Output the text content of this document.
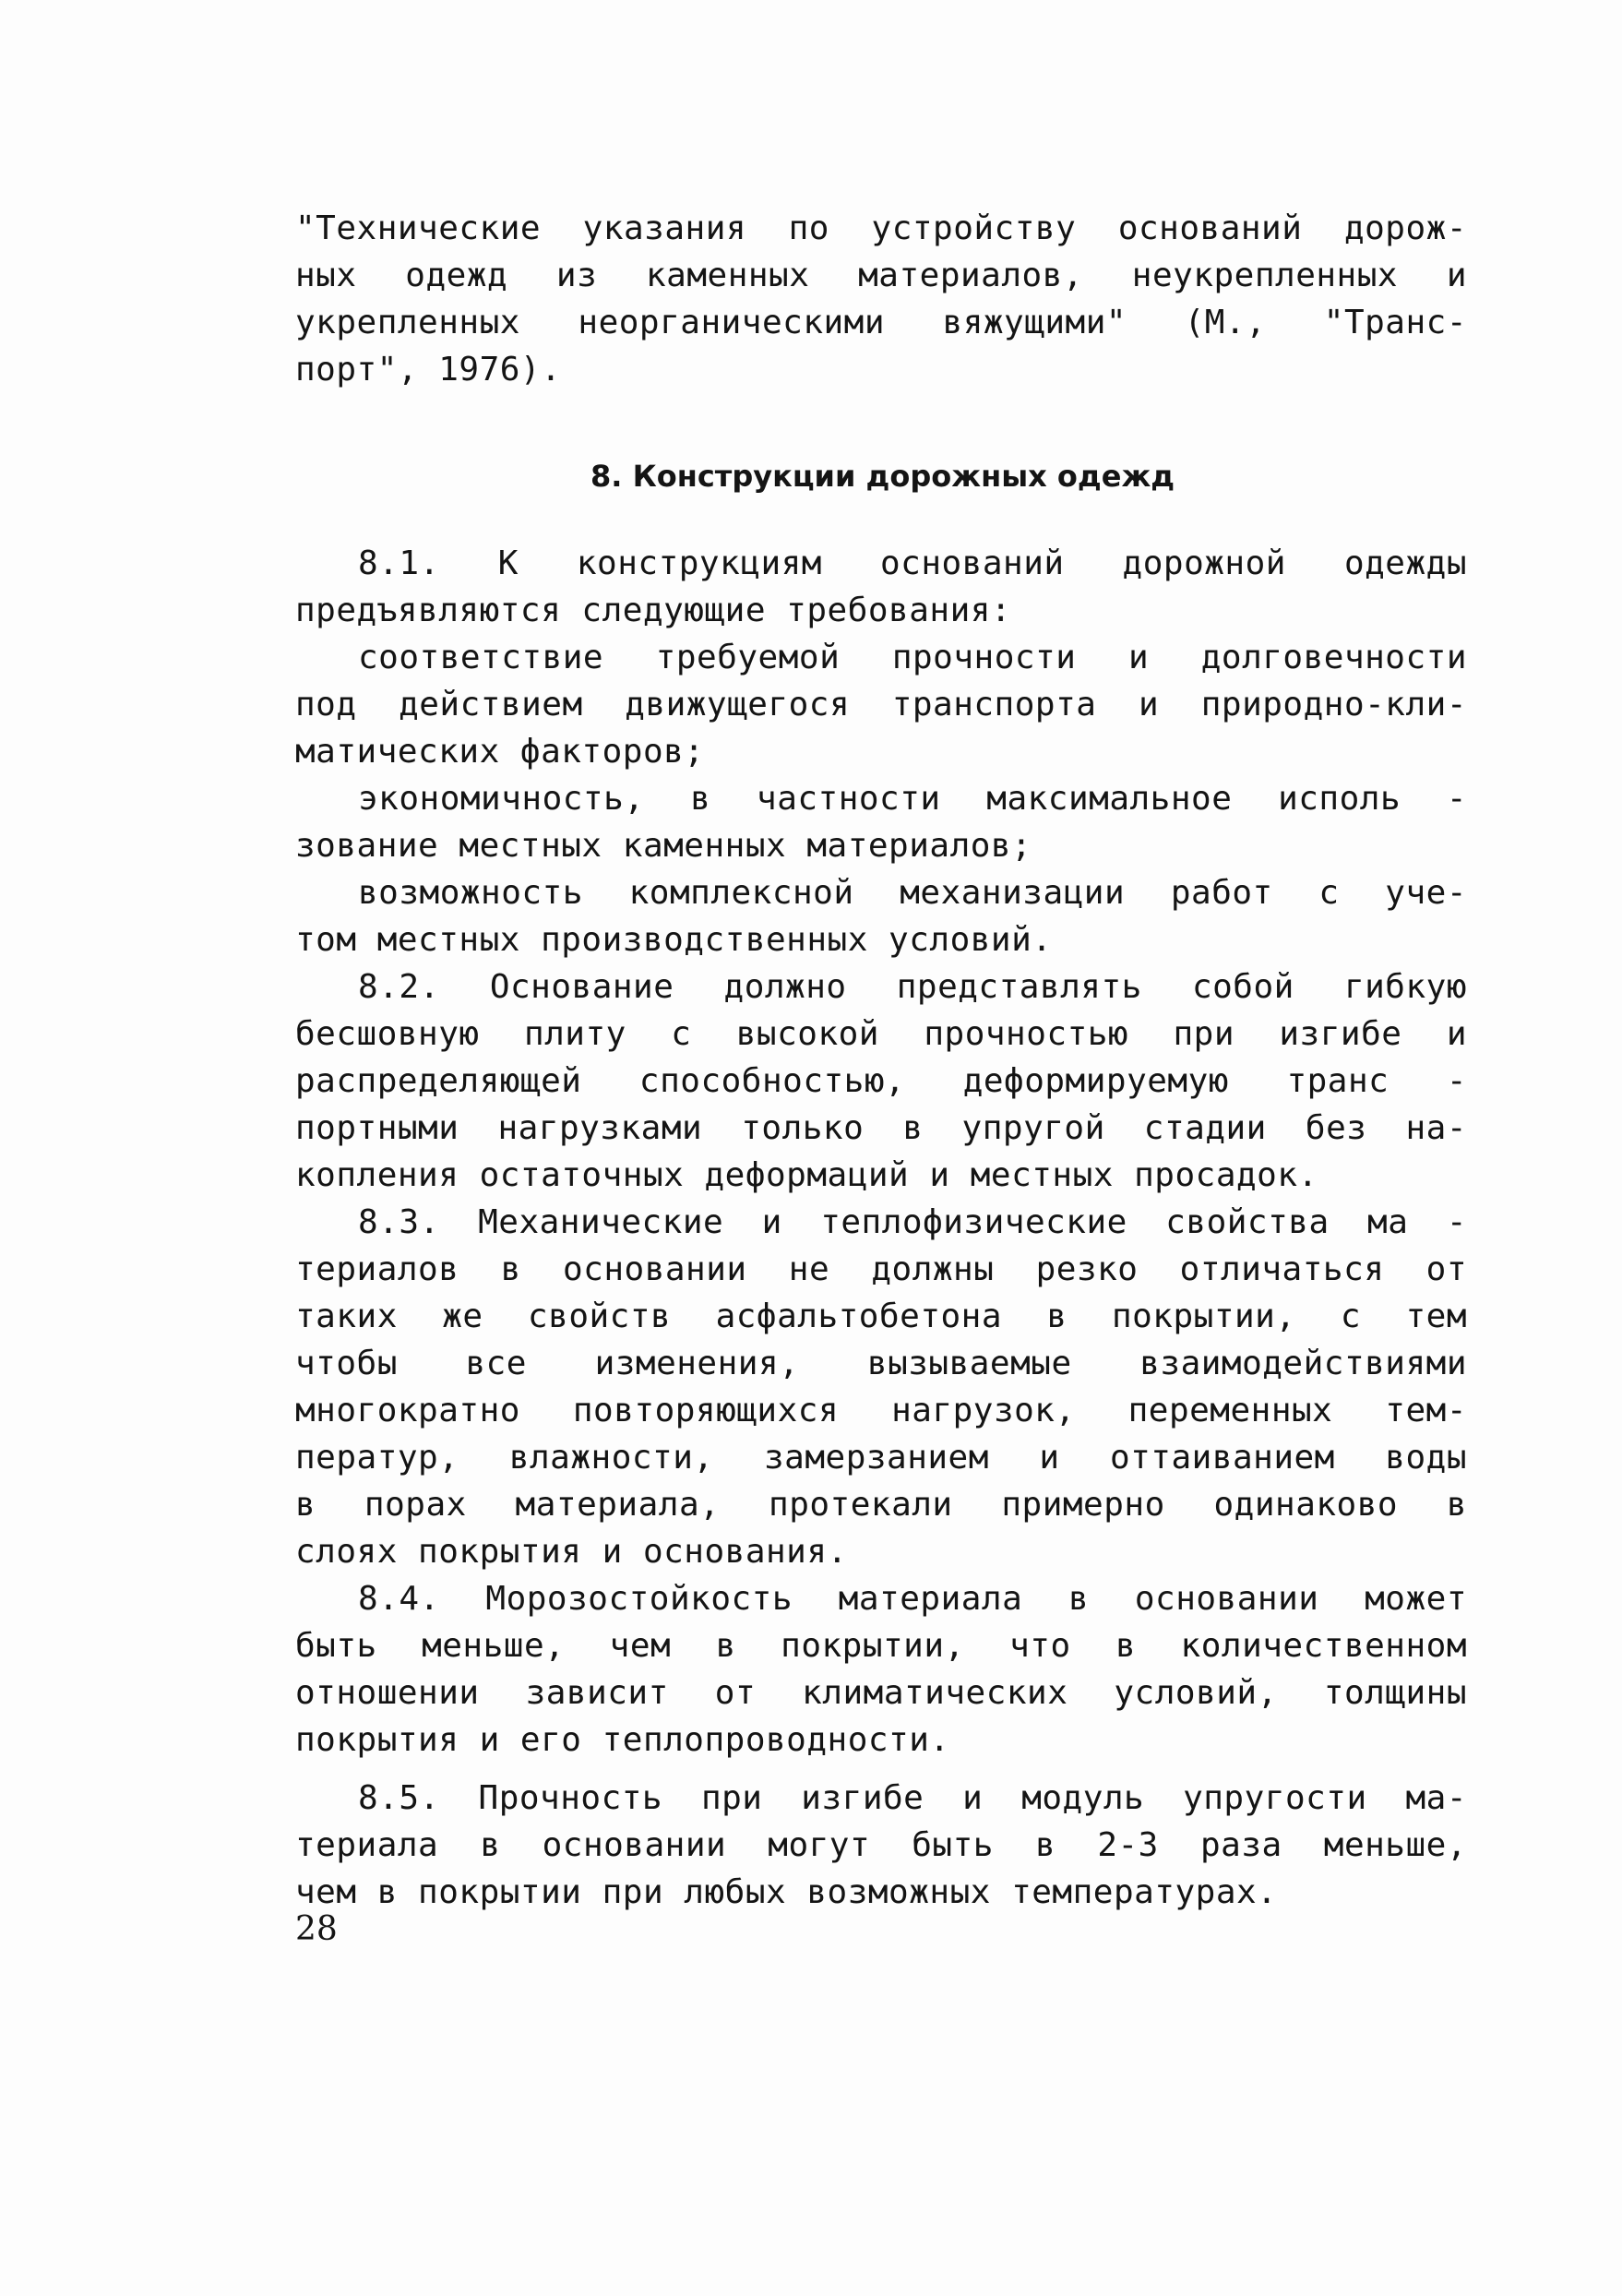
"Технические указания по устройству оснований дорож-
ных одежд из каменных материалов, неукрепленных и
укрепленных неорганическими вяжущими" (М., "Транс-
порт", 1976).
8. Конструкции дорожных одежд
8.1. К конструкциям оснований дорожной одежды
предъявляются следующие требования:
соответствие требуемой прочности и долговечности
под действием движущегося транспорта и природно-кли-
матических факторов;
экономичность, в частности максимальное исполь -
зование местных каменных материалов;
возможность комплексной механизации работ с уче-
том местных производственных условий.
8.2. Основание должно представлять собой гибкую
бесшовную плиту с высокой прочностью при изгибе и
распределяющей способностью, деформируемую транс -
портными нагрузками только в упругой стадии без на-
копления остаточных деформаций и местных просадок.
8.3. Механические и теплофизические свойства ма -
териалов в основании не должны резко отличаться от
таких же свойств асфальтобетона в покрытии, с тем
чтобы все изменения, вызываемые взаимодействиями
многократно повторяющихся нагрузок, переменных тем-
ператур, влажности, замерзанием и оттаиванием воды
в порах материала, протекали примерно одинаково в
слоях покрытия и основания.
8.4. Морозостойкость материала в основании может
быть меньше, чем в покрытии, что в количественном
отношении зависит от климатических условий, толщины
покрытия и его теплопроводности.
8.5. Прочность при изгибе и модуль упругости ма-
териала в основании могут быть в 2-3 раза меньше,
чем в покрытии при любых возможных температурах.
28
